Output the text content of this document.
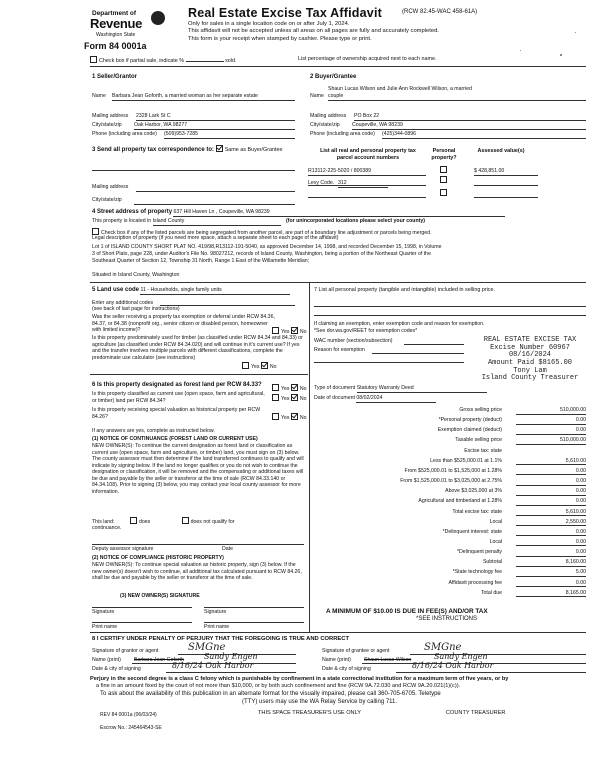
Department of
Revenue
Washington State
Form 84 0001a
Real Estate Excise Tax Affidavit	(RCW 82.45-WAC 458-61A)
Only for sales in a single location code on or after July 1, 2024.
This affidavit will not be accepted unless all areas on all pages are fully and accurately completed.
This form is your receipt when stamped by cashier. Please type or print.
Check box if partial sale, indicate %	sold.	List percentage of ownership acquired next to each name.
1 Seller/Grantor
Name Barbara Jean Goforth, a married woman as her separate estate
Mailing address 2328 Lark St C
City/state/zip Oak Harbor, WA 98277
Phone (including area code) (509)953-7285
2 Buyer/Grantee
Shaun Lucas Wilson and Julie Ann Rockwell Wilson, a married
Name couple
Mailing address PO Box 22
City/state/zip Coupeville, WA 98239
Phone (including area code) (425)344-0896
3 Send all property tax correspondence to: Same as Buyer/Grantee
Mailing address
City/state/zip
List all real and personal property tax parcel account numbers
Personal property?
Assessed value(s)
R13112-225-5020 / 800389	$ 428,851.00
Levy Code. 312
4 Street address of property 637 Hill Haven Ln , Coupeville, WA 98239
This property is located in Island County	(for unincorporated locations please select your county)
Check box if any of the listed parcels are being segregated from another parcel, are part of a boundary line adjustment or parcels being merged.
Legal description of property (if you need more space, attach a separate sheet to each page of the affidavit)
Lot 1 of ISLAND COUNTY SHORT PLAT NO. 419/98,R13112-191-5040, as approved December 14, 1998, and recorded December 15, 1998, in Volume
3 of Short Plats, page 228, under Auditor's File No. 98027212, records of Island County, Washington, being a portion of the Northeast Quarter of the
Southeast Quarter of Section 12, Township 31 North, Range 1 East of the Willamette Meridian;
Situated in Island County, Washington
5 Land use code 11 - Households, single family units
Enter any additional codes
(see back of last page for instructions)
Was the seller receiving a property tax exemption or deferral under RCW 84.36, 84.37, or 84.38 (nonprofit org., senior citizen or disabled person, homeowner with limited income)?	Yes No
Is this property predominately used for timber (as classified under RCW 84.34 and 84.33) or agriculture (as classified under RCW 84.34.020) and will continue in it's current use? If yes and the transfer involves multiple parcels with different classifications, complete the predominate use calculator (see instructions)
Yes No
6 Is this property designated as forest land per RCW 84.33?
Yes No
Is this property classified as current use (open space, farm and agricultural, or timber) land per RCW 84.34?	Yes No
Is this property receiving special valuation as historical property per RCW 84.26?	Yes No
If any answers are yes, complete as instructed below.
(1) NOTICE OF CONTINUANCE (FOREST LAND OR CURRENT USE)
NEW OWNER(S): To continue the current designation as forest land or classification as current use (open space, farm and agriculture, or timber) land, you must sign on (3) below. The county assessor must then determine if the land transferred continues to qualify and will indicate by signing below. If the land no longer qualifies or you do not wish to continue the designation or classification, it will be removed and the compensating or additional taxes will be due and payable by the seller or transferor at the time of sale (RCW 84.33.140 or 84.34.108). Prior to signing (3) below, you may contact your local county assessor for more information.
This land:	does	does not qualify for
continuance.
Deputy assessor signature	Date
(2) NOTICE OF COMPLIANCE (HISTORIC PROPERTY)
NEW OWNER(S): To continue special valuation as historic property, sign (3) below. If the new owner(s) doesn't wish to continue, all additional tax calculated pursuant to RCW 84.26, shall be due and payable by the seller or transferor at the time of sale.
(3) NEW OWNER(S) SIGNATURE
Signature	Signature
Print name	Print name
7 List all personal property (tangible and intangible) included in selling price.
If claiming an exemption, enter exemption code and reason for exemption. *See dor.wa.gov/REET for exemption codes*
WAC number (section/subsection)
Reason for exemption
REAL ESTATE EXCISE TAX
Excise Number 60967
08/16/2024
Amount Paid $8165.00
Tony Lam
Island County Treasurer
Type of document Statutory Warranty Deed
Date of document 08/02/2024
Gross selling price	510,000.00
*Personal property (deduct)	0.00
Exemption claimed (deduct)	0.00
Taxable selling price	510,000.00
Excise tax: state
Less than $525,000.01 at 1.1%	5,610.00
From $525,000.01 to $1,525,000 at 1.28%	0.00
From $1,525,000.01 to $3,025,000 at 2.75%	0.00
Above $3,025,000 at 3%	0.00
Agricultural and timberland at 1.28%	0.00
Total excise tax: state	5,610.00
Local	2,550.00
*Delinquent interest: state	0.00
Local	0.00
*Delinquent penalty	0.00
Subtotal	8,160.00
*State technology fee	5.00
Affidavit processing fee	0.00
Total due	8,165.00
A MINIMUM OF $10.00 IS DUE IN FEE(S) AND/OR TAX
*SEE INSTRUCTIONS
8 I CERTIFY UNDER PENALTY OF PERJURY THAT THE FOREGOING IS TRUE AND CORRECT
Signature of grantor or agent	SMGne
Name (print)	Barbara Jean Goforth	Sandy Engen
Date & city of signing	8/16/24 Oak Harbor
Signature of grantee or agent	SMGne
Name (print)	Shaun Lucas Wilson	Sandy Engen
Date & city of signing	8/16/24 Oak Harbor
Perjury in the second degree is a class C felony which is punishable by confinement in a state correctional institution for a maximum term of five years, or by
a fine in an amount fixed by the court of not more than $10,000, or by both such confinement and fine (RCW 9A.72.030 and RCW 9A.20.021(1)(c)).
To ask about the availability of this publication in an alternate format for the visually impaired, please call 360-705-6705. Teletype
(TTY) users may use the WA Relay Service by calling 711.
REV 84 0001a (06/03/24)	THIS SPACE TREASURER'S USE ONLY	COUNTY TREASURER
Escrow No.: 245464543-SE
